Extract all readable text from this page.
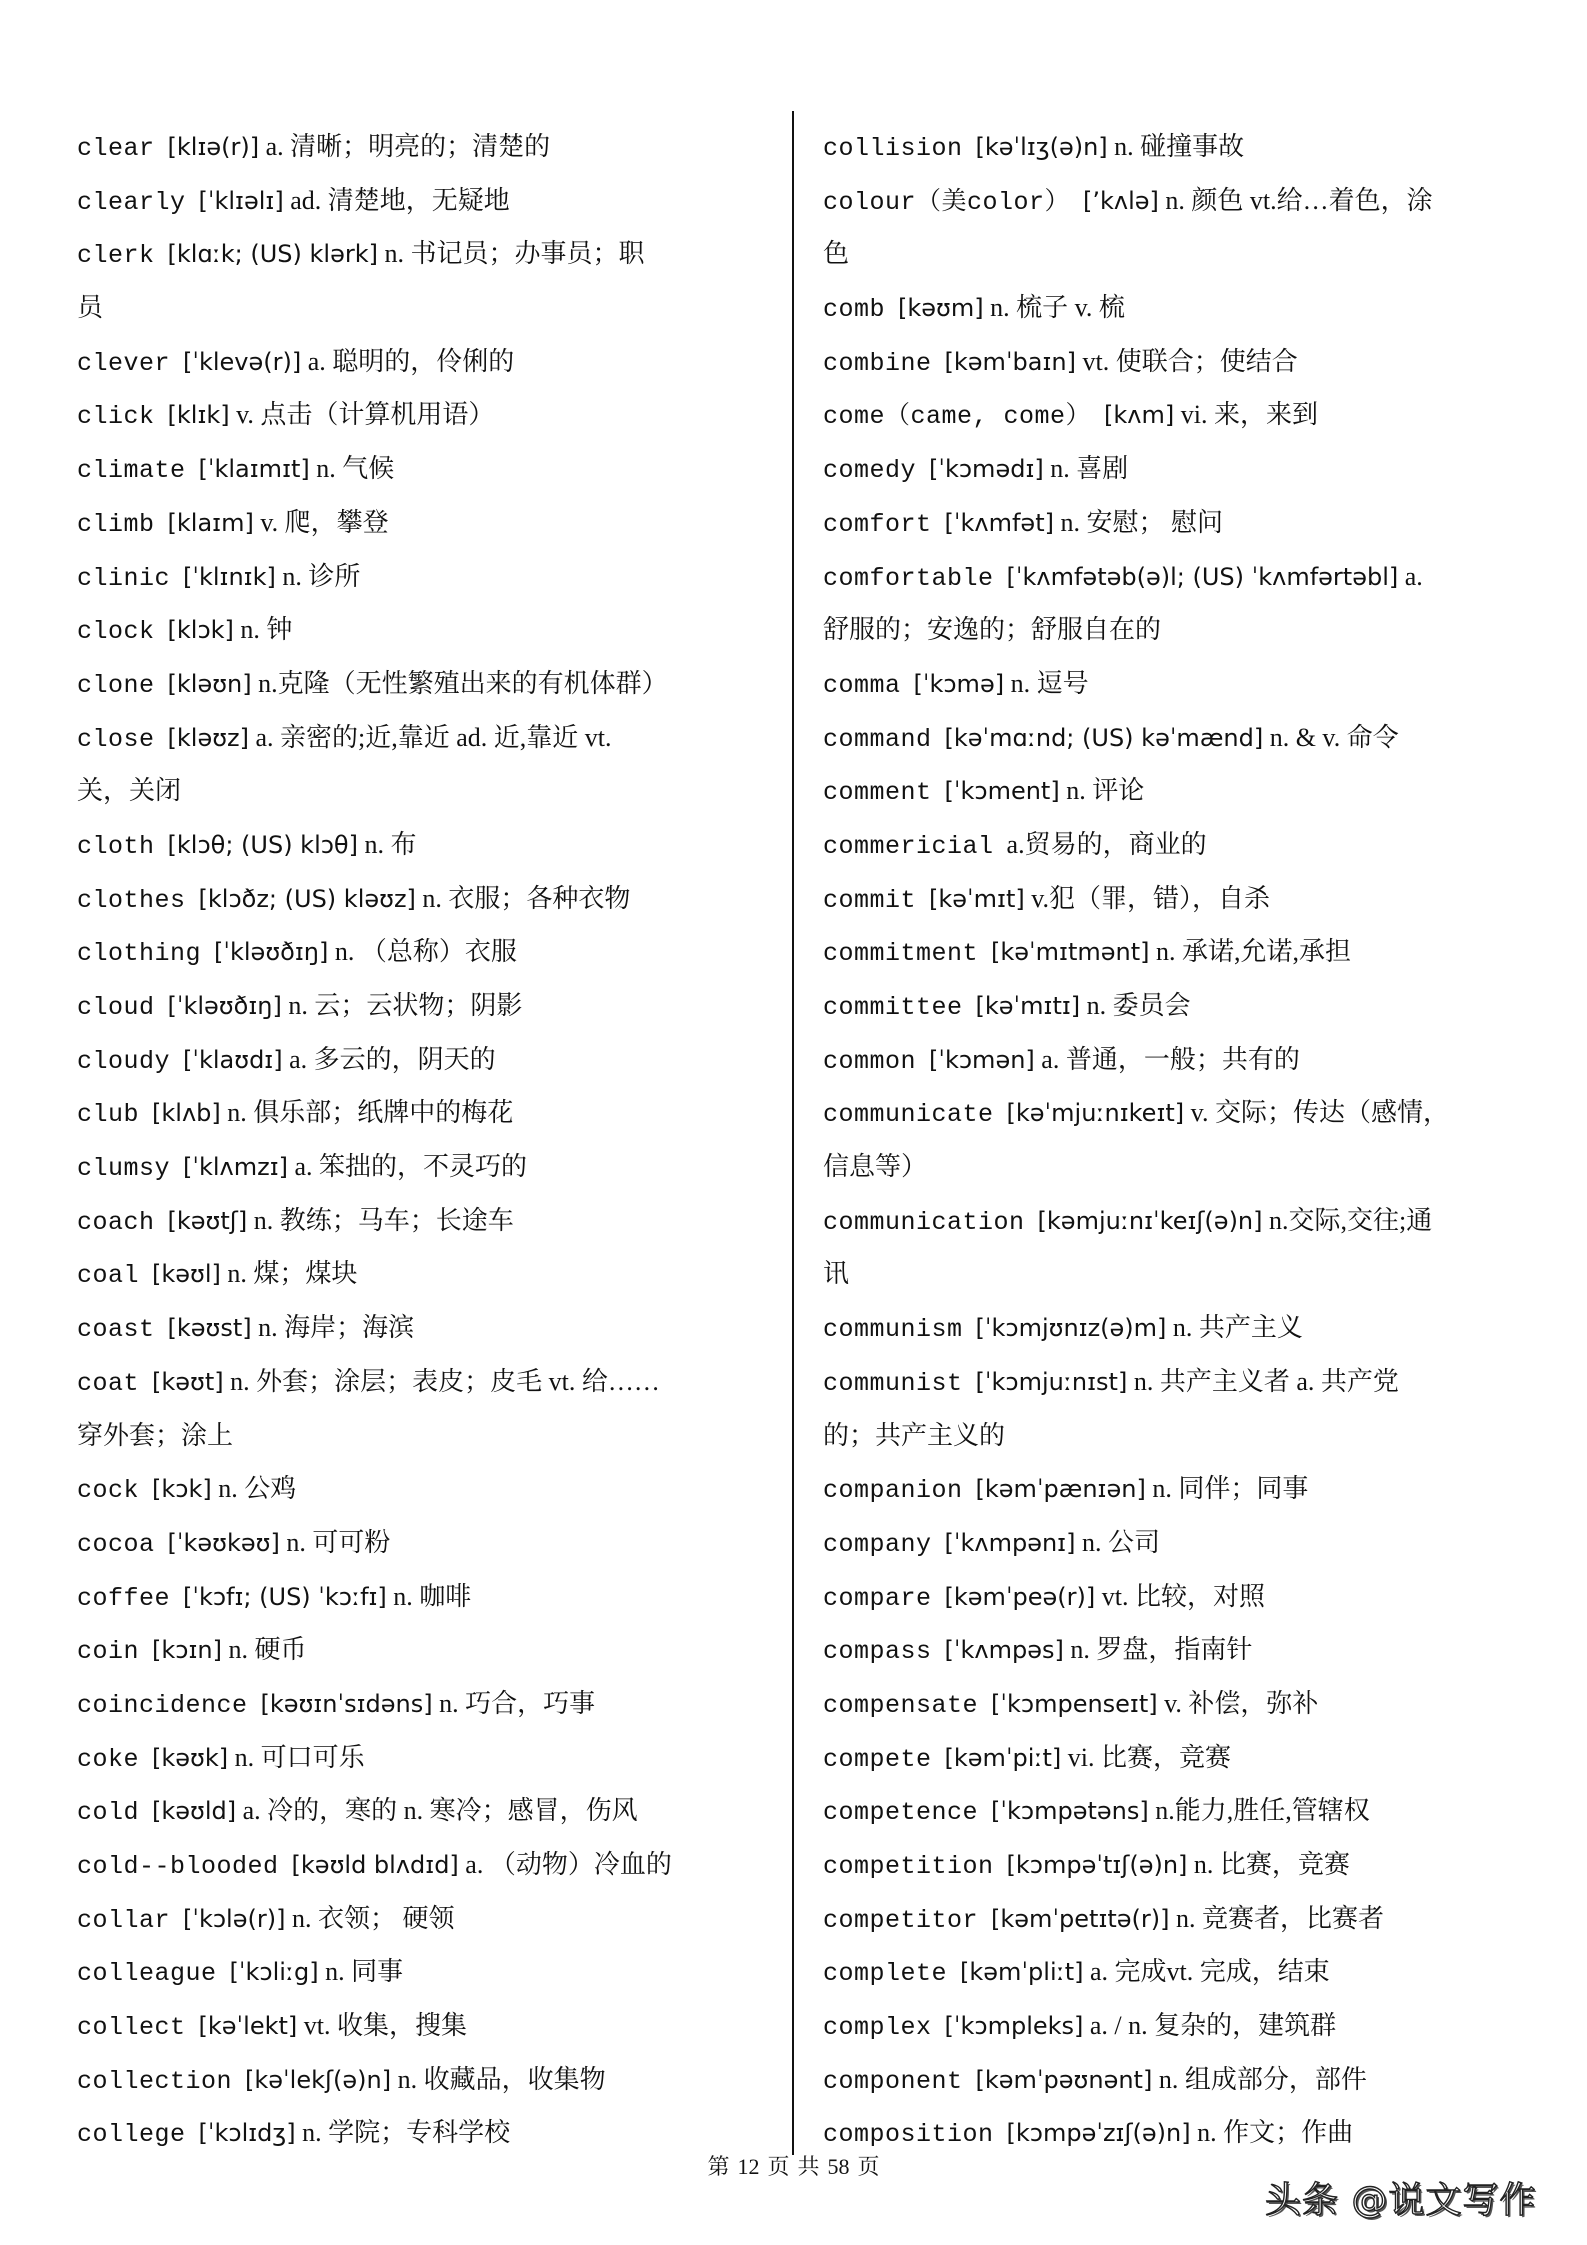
clear [klɪə(r)] a. 清晰；明亮的；清楚的
clearly [ˈklɪəlɪ] ad. 清楚地，无疑地
clerk [klɑːk; (US) klərk] n. 书记员；办事员；职
员
clever [ˈklevə(r)] a. 聪明的，伶俐的
click [klɪk] v. 点击（计算机用语）
climate [ˈklaɪmɪt] n. 气候
climb [klaɪm] v. 爬，攀登
clinic [ˈklɪnɪk] n. 诊所
clock [klɔk] n. 钟
clone [kləʊn] n.克隆（无性繁殖出来的有机体群）
close [kləʊz] a. 亲密的;近,靠近 ad. 近,靠近 vt.
关，关闭
cloth [klɔθ; (US) klɔθ] n. 布
clothes [klɔðz; (US) kləʊz] n. 衣服；各种衣物
clothing [ˈkləʊðɪŋ] n. （总称）衣服
cloud [ˈkləʊðɪŋ] n. 云；云状物；阴影
cloudy [ˈklaʊdɪ] a. 多云的，阴天的
club [klʌb] n. 俱乐部；纸牌中的梅花
clumsy [ˈklʌmzɪ] a. 笨拙的，不灵巧的
coach [kəʊtʃ] n. 教练；马车；长途车
coal [kəʊl] n. 煤；煤块
coast [kəʊst] n. 海岸；海滨
coat [kəʊt] n. 外套；涂层；表皮；皮毛 vt. 给……
穿外套；涂上
cock [kɔk] n. 公鸡
cocoa [ˈkəʊkəʊ] n. 可可粉
coffee [ˈkɔfɪ; (US) ˈkɔːfɪ] n. 咖啡
coin [kɔɪn] n. 硬币
coincidence [kəʊɪnˈsɪdəns] n. 巧合，巧事
coke [kəʊk] n. 可口可乐
cold [kəʊld] a. 冷的，寒的 n. 寒冷；感冒，伤风
cold--blooded [kəʊld blʌdɪd] a. （动物）冷血的
collar [ˈkɔlə(r)] n. 衣领； 硬领
colleague [ˈkɔliːg] n. 同事
collect [kəˈlekt] vt. 收集，搜集
collection [kəˈlekʃ(ə)n] n. 收藏品，收集物
college [ˈkɔlɪdʒ] n. 学院；专科学校
collision [kəˈlɪʒ(ə)n] n. 碰撞事故
colour（美color） [’kʌlə] n. 颜色 vt.给…着色，涂
色
comb [kəʊm] n. 梳子 v. 梳
combine [kəmˈbaɪn] vt. 使联合；使结合
come（came, come） [kʌm] vi. 来，来到
comedy [ˈkɔmədɪ] n. 喜剧
comfort [ˈkʌmfət] n. 安慰； 慰问
comfortable [ˈkʌmfətəb(ə)l; (US) ˈkʌmfərtəbl] a.
舒服的；安逸的；舒服自在的
comma [ˈkɔmə] n. 逗号
command [kəˈmɑːnd; (US) kəˈmænd] n. & v. 命令
comment [ˈkɔment] n. 评论
commericial a.贸易的，商业的
commit [kəˈmɪt] v.犯（罪，错），自杀
commitment [kəˈmɪtmənt] n. 承诺,允诺,承担
committee [kəˈmɪtɪ] n. 委员会
common [ˈkɔmən] a. 普通，一般；共有的
communicate [kəˈmjuːnɪkeɪt] v. 交际；传达（感情，
信息等）
communication [kəmjuːnɪˈkeɪʃ(ə)n] n.交际,交往;通
讯
communism [ˈkɔmjʊnɪz(ə)m] n. 共产主义
communist [ˈkɔmjuːnɪst] n. 共产主义者 a. 共产党
的；共产主义的
companion [kəmˈpænɪən] n. 同伴；同事
company [ˈkʌmpənɪ] n. 公司
compare [kəmˈpeə(r)] vt. 比较，对照
compass [ˈkʌmpəs] n. 罗盘，指南针
compensate [ˈkɔmpenseɪt] v. 补偿，弥补
compete [kəmˈpiːt] vi. 比赛，竞赛
competence [ˈkɔmpətəns] n.能力,胜任,管辖权
competition [kɔmpəˈtɪʃ(ə)n] n. 比赛，竞赛
competitor [kəmˈpetɪtə(r)] n. 竞赛者，比赛者
complete [kəmˈpliːt] a. 完成vt. 完成，结束
complex [ˈkɔmpleks] a. / n. 复杂的，建筑群
component [kəmˈpəʊnənt] n. 组成部分，部件
composition [kɔmpəˈzɪʃ(ə)n] n. 作文；作曲
第 12 页 共 58 页
头条 @说文写作
